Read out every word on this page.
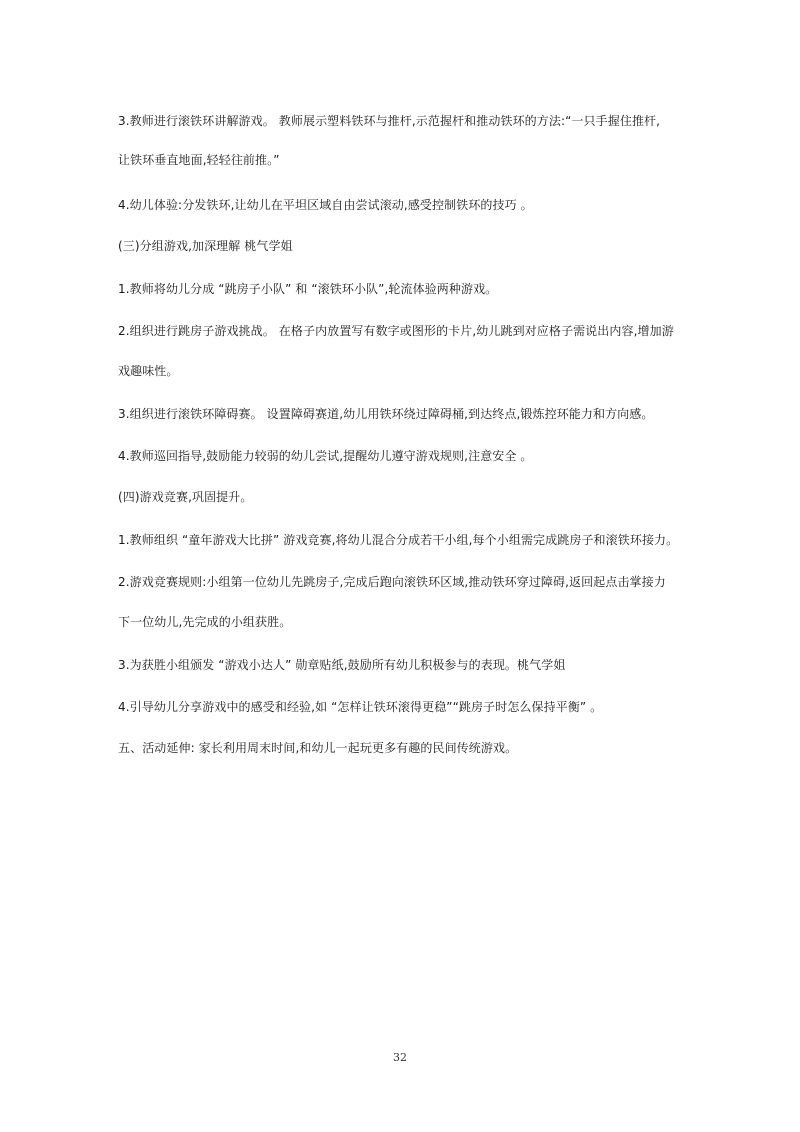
3.教师进行滚铁环讲解游戏。 教师展示塑料铁环与推杆,示范握杆和推动铁环的方法:“一只手握住推杆,
让铁环垂直地面,轻轻往前推。”
4.幼儿体验:分发铁环,让幼儿在平坦区域自由尝试滚动,感受控制铁环的技巧 。
(三)分组游戏,加深理解 桃气学姐
1.教师将幼儿分成 “跳房子小队” 和 “滚铁环小队”,轮流体验两种游戏。
2.组织进行跳房子游戏挑战。 在格子内放置写有数字或图形的卡片,幼儿跳到对应格子需说出内容,增加游
戏趣味性。
3.组织进行滚铁环障碍赛。 设置障碍赛道,幼儿用铁环绕过障碍桶,到达终点,锻炼控环能力和方向感。
4.教师巡回指导,鼓励能力较弱的幼儿尝试,提醒幼儿遵守游戏规则,注意安全 。
(四)游戏竞赛,巩固提升。
1.教师组织 “童年游戏大比拼” 游戏竞赛,将幼儿混合分成若干小组,每个小组需完成跳房子和滚铁环接力。
2.游戏竞赛规则:小组第一位幼儿先跳房子,完成后跑向滚铁环区域,推动铁环穿过障碍,返回起点击掌接力
下一位幼儿,先完成的小组获胜。
3.为获胜小组颁发 “游戏小达人” 勋章贴纸,鼓励所有幼儿积极参与的表现。桃气学姐
4.引导幼儿分享游戏中的感受和经验,如 “怎样让铁环滚得更稳”“跳房子时怎么保持平衡” 。
五、活动延伸: 家长利用周末时间,和幼儿一起玩更多有趣的民间传统游戏。
32
